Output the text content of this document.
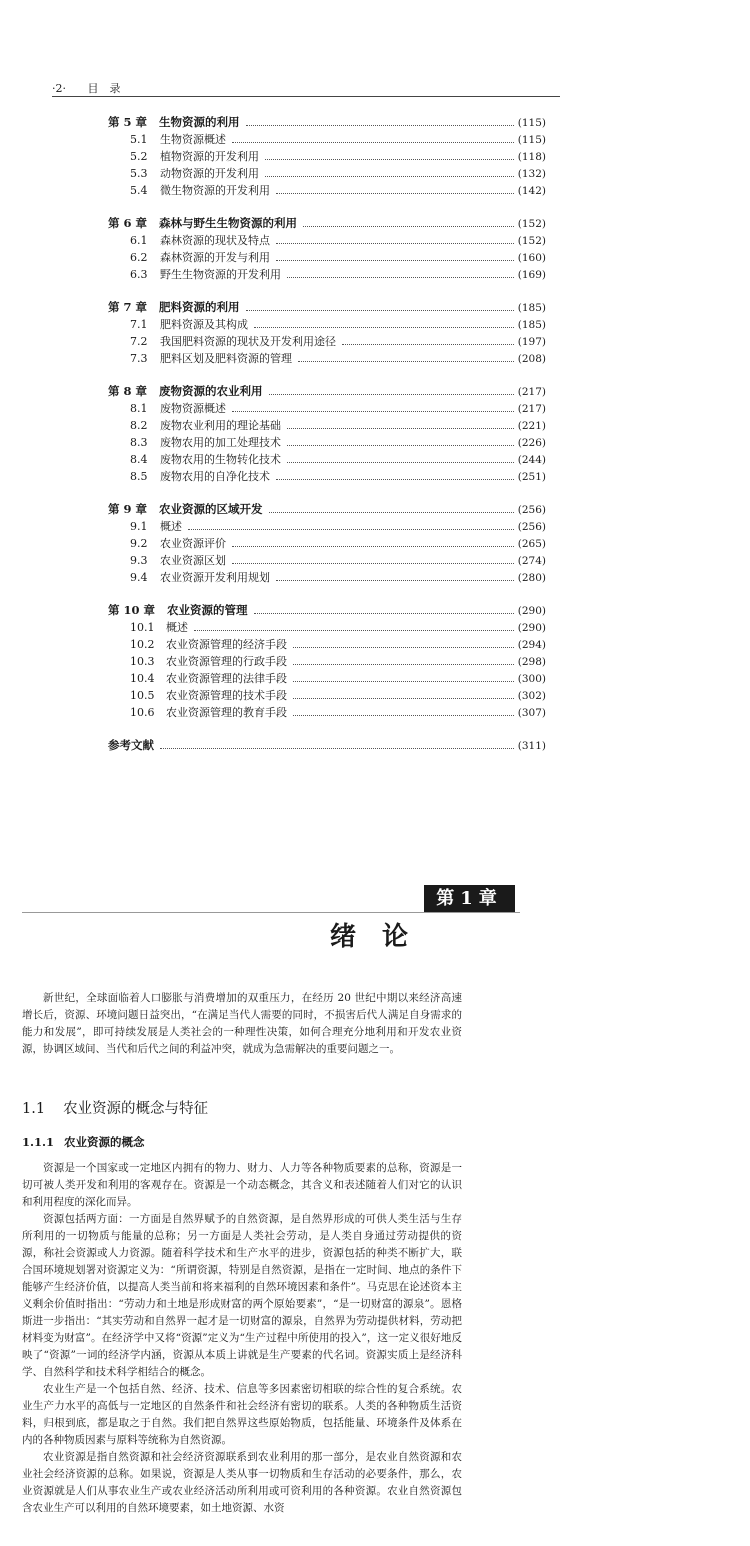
·2· 目　录
第 5 章 生物资源的利用	(115)
5.1	生物资源概述	(115)
5.2	植物资源的开发利用	(118)
5.3	动物资源的开发利用	(132)
5.4	微生物资源的开发利用	(142)
第 6 章 森林与野生生物资源的利用	(152)
6.1	森林资源的现状及特点	(152)
6.2	森林资源的开发与利用	(160)
6.3	野生生物资源的开发利用	(169)
第 7 章 肥料资源的利用	(185)
7.1	肥料资源及其构成	(185)
7.2	我国肥料资源的现状及开发利用途径	(197)
7.3	肥料区划及肥料资源的管理	(208)
第 8 章 废物资源的农业利用	(217)
8.1	废物资源概述	(217)
8.2	废物农业利用的理论基础	(221)
8.3	废物农用的加工处理技术	(226)
8.4	废物农用的生物转化技术	(244)
8.5	废物农用的自净化技术	(251)
第 9 章 农业资源的区域开发	(256)
9.1	概述	(256)
9.2	农业资源评价	(265)
9.3	农业资源区划	(274)
9.4	农业资源开发利用规划	(280)
第 10 章 农业资源的管理	(290)
10.1	概述	(290)
10.2	农业资源管理的经济手段	(294)
10.3	农业资源管理的行政手段	(298)
10.4	农业资源管理的法律手段	(300)
10.5	农业资源管理的技术手段	(302)
10.6	农业资源管理的教育手段	(307)
参考文献	(311)
第1章
绪论

新世纪，全球面临着人口膨胀与消费增加的双重压力，在经历 20 世纪中期以来经济高速增长后，资源、环境问题日益突出，“在满足当代人需要的同时，不损害后代人满足自身需求的能力和发展”，即可持续发展是人类社会的一种理性决策，如何合理充分地利用和开发农业资源，协调区域间、当代和后代之间的利益冲突，就成为急需解决的重要问题之一。

1.1 农业资源的概念与特征
1.1.1 农业资源的概念

资源是一个国家或一定地区内拥有的物力、财力、人力等各种物质要素的总称，资源是一切可被人类开发和利用的客观存在。资源是一个动态概念，其含义和表述随着人们对它的认识和利用程度的深化而异。

资源包括两方面：一方面是自然界赋予的自然资源，是自然界形成的可供人类生活与生存所利用的一切物质与能量的总称；另一方面是人类社会劳动，是人类自身通过劳动提供的资源，称社会资源或人力资源。随着科学技术和生产水平的进步，资源包括的种类不断扩大，联合国环境规划署对资源定义为：“所谓资源，特别是自然资源，是指在一定时间、地点的条件下能够产生经济价值，以提高人类当前和将来福利的自然环境因素和条件”。马克思在论述资本主义剩余价值时指出：“劳动力和土地是形成财富的两个原始要素”，“是一切财富的源泉”。恩格斯进一步指出：“其实劳动和自然界一起才是一切财富的源泉，自然界为劳动提供材料，劳动把材料变为财富”。在经济学中又将“资源”定义为“生产过程中所使用的投入”，这一定义很好地反映了“资源”一词的经济学内涵，资源从本质上讲就是生产要素的代名词。资源实质上是经济科学、自然科学和技术科学相结合的概念。

农业生产是一个包括自然、经济、技术、信息等多因素密切相联的综合性的复合系统。农业生产力水平的高低与一定地区的自然条件和社会经济有密切的联系。人类的各种物质生活资料，归根到底，都是取之于自然。我们把自然界这些原始物质，包括能量、环境条件及体系在内的各种物质因素与原料等统称为自然资源。

农业资源是指自然资源和社会经济资源联系到农业利用的那一部分，是农业自然资源和农业社会经济资源的总称。如果说，资源是人类从事一切物质和生存活动的必要条件，那么，农业资源就是人们从事农业生产或农业经济活动所利用或可资利用的各种资源。农业自然资源包含农业生产可以利用的自然环境要素，如土地资源、水资
